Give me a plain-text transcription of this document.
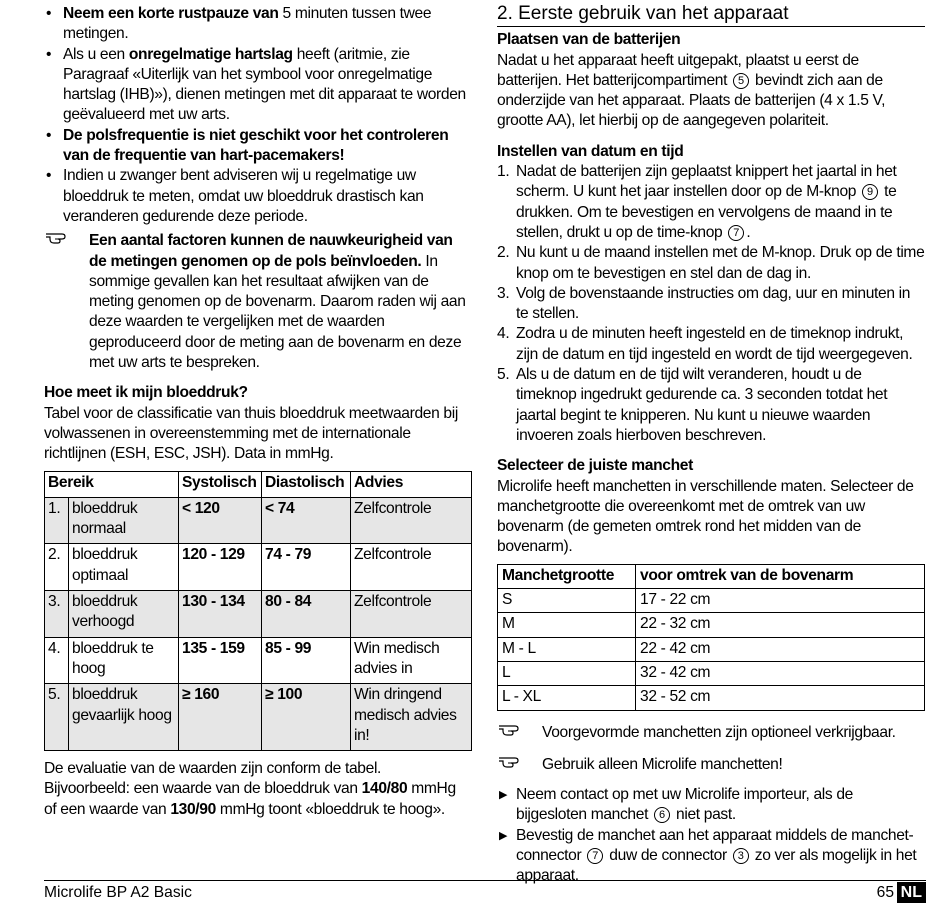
• Neem een korte rustpauze van 5 minuten tussen twee metingen.
• Als u een onregelmatige hartslag heeft (aritmie, zie Paragraaf «Uiterlijk van het symbool voor onregelmatige hartslag (IHB)»), dienen metingen met dit apparaat te worden geëvalueerd met uw arts.
• De polsfrequentie is niet geschikt voor het controleren van de frequentie van hart-pacemakers!
• Indien u zwanger bent adviseren wij u regelmatige uw bloeddruk te meten, omdat uw bloeddruk drastisch kan veranderen gedurende deze periode.
Een aantal factoren kunnen de nauwkeurigheid van de metingen genomen op de pols beïnvloeden. In sommige gevallen kan het resultaat afwijken van de meting genomen op de bovenarm. Daarom raden wij aan deze waarden te vergelijken met de waarden geproduceerd door de meting aan de bovenarm en deze met uw arts te bespreken.
Hoe meet ik mijn bloeddruk?

Tabel voor de classificatie van thuis bloeddruk meetwaarden bij volwassenen in overeenstemming met de internationale richtlijnen (ESH, ESC, JSH). Data in mmHg.

Bereik		Systolisch	Diastolisch	Advies
1.	bloeddruk normaal	< 120	< 74	Zelfcontrole
2.	bloeddruk optimaal	120 - 129	74 - 79	Zelfcontrole
3.	bloeddruk verhoogd	130 - 134	80 - 84	Zelfcontrole
4.	bloeddruk te hoog	135 - 159	85 - 99	Win medisch advies in
5.	bloeddruk gevaarlijk hoog	≥ 160	≥ 100	Win dringend medisch advies in!

De evaluatie van de waarden zijn conform de tabel. Bijvoorbeeld: een waarde van de bloeddruk van 140/80 mmHg of een waarde van 130/90 mmHg toont «bloeddruk te hoog».

2. Eerste gebruik van het apparaat
Plaatsen van de batterijen

Nadat u het apparaat heeft uitgepakt, plaatst u eerst de batterijen. Het batterijcompartiment 5 bevindt zich aan de onderzijde van het apparaat. Plaats de batterijen (4 x 1.5 V, grootte AA), let hierbij op de aangegeven polariteit.

Instellen van datum en tijd
1. Nadat de batterijen zijn geplaatst knippert het jaartal in het scherm. U kunt het jaar instellen door op de M-knop 9 te drukken. Om te bevestigen en vervolgens de maand in te stellen, drukt u op de time-knop 7 .
2. Nu kunt u de maand instellen met de M-knop. Druk op de time knop om te bevestigen en stel dan de dag in.
3. Volg de bovenstaande instructies om dag, uur en minuten in te stellen.
4. Zodra u de minuten heeft ingesteld en de timeknop indrukt, zijn de datum en tijd ingesteld en wordt de tijd weergegeven.
5. Als u de datum en de tijd wilt veranderen, houdt u de timeknop ingedrukt gedurende ca. 3 seconden totdat het jaartal begint te knipperen. Nu kunt u nieuwe waarden invoeren zoals hierboven beschreven.
Selecteer de juiste manchet

Microlife heeft manchetten in verschillende maten. Selecteer de manchetgrootte die overeenkomt met de omtrek van uw bovenarm (de gemeten omtrek rond het midden van de bovenarm).

Manchetgrootte	voor omtrek van de bovenarm
S	17 - 22 cm
M	22 - 32 cm
M - L	22 - 42 cm
L	32 - 42 cm
L - XL	32 - 52 cm
Voorgevormde manchetten zijn optioneel verkrijgbaar.
Gebruik alleen Microlife manchetten!
▶ Neem contact op met uw Microlife importeur, als de bijgesloten manchet 6 niet past.
▶ Bevestig de manchet aan het apparaat middels de manchet-connector 7 duw de connector 3 zo ver als mogelijk in het apparaat.
Microlife BP A2 Basic	65 NL
